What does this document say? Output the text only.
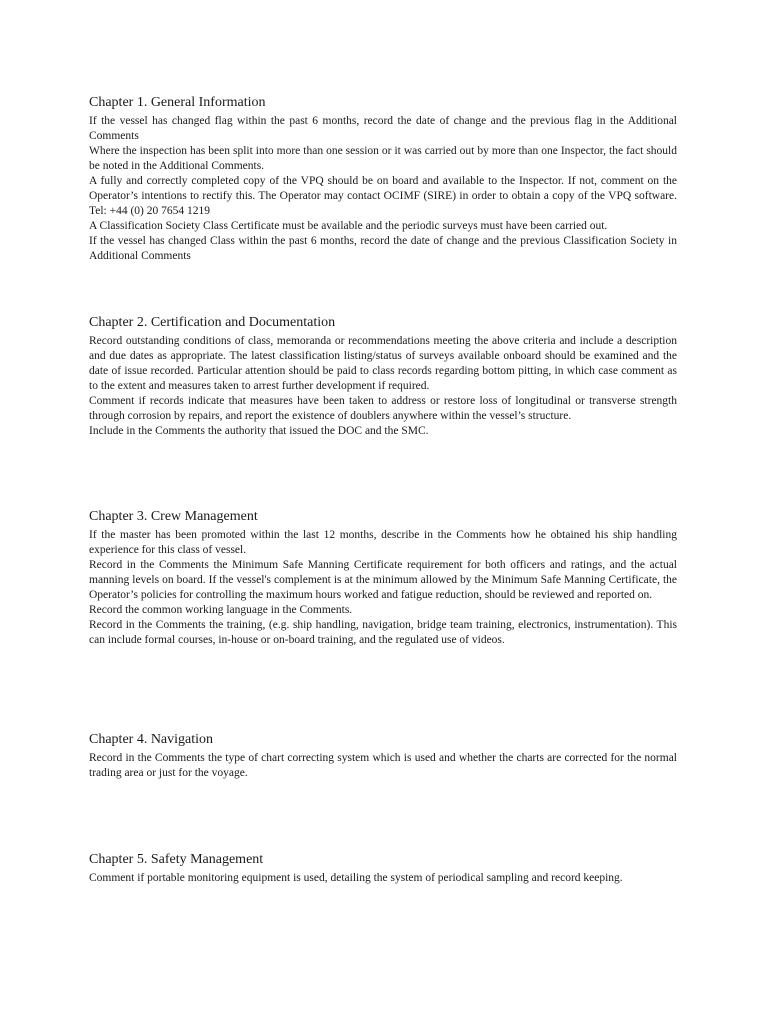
Chapter 1. General Information

If the vessel has changed flag within the past 6 months, record the date of change and the previous flag in the Additional Comments

Where the inspection has been split into more than one session or it was carried out by more than one Inspector, the fact should be noted in the Additional Comments.

A fully and correctly completed copy of the VPQ should be on board and available to the Inspector. If not, comment on the Operator’s intentions to rectify this. The Operator may contact OCIMF (SIRE) in order to obtain a copy of the VPQ software. Tel: +44 (0) 20 7654 1219

A Classification Society Class Certificate must be available and the periodic surveys must have been carried out.

If the vessel has changed Class within the past 6 months, record the date of change and the previous Classification Society in Additional Comments

Chapter 2. Certification and Documentation

Record outstanding conditions of class, memoranda or recommendations meeting the above criteria and include a description and due dates as appropriate. The latest classification listing/status of surveys available onboard should be examined and the date of issue recorded. Particular attention should be paid to class records regarding bottom pitting, in which case comment as to the extent and measures taken to arrest further development if required.

Comment if records indicate that measures have been taken to address or restore loss of longitudinal or transverse strength through corrosion by repairs, and report the existence of doublers anywhere within the vessel’s structure.

Include in the Comments the authority that issued the DOC and the SMC.

Chapter 3. Crew Management

If the master has been promoted within the last 12 months, describe in the Comments how he obtained his ship handling experience for this class of vessel.

Record in the Comments the Minimum Safe Manning Certificate requirement for both officers and ratings, and the actual manning levels on board. If the vessel's complement is at the minimum allowed by the Minimum Safe Manning Certificate, the Operator’s policies for controlling the maximum hours worked and fatigue reduction, should be reviewed and reported on.

Record the common working language in the Comments.

Record in the Comments the training, (e.g. ship handling, navigation, bridge team training, electronics, instrumentation). This can include formal courses, in-house or on-board training, and the regulated use of videos.

Chapter 4. Navigation

Record in the Comments the type of chart correcting system which is used and whether the charts are corrected for the normal trading area or just for the voyage.

Chapter 5. Safety Management

Comment if portable monitoring equipment is used, detailing the system of periodical sampling and record keeping.
